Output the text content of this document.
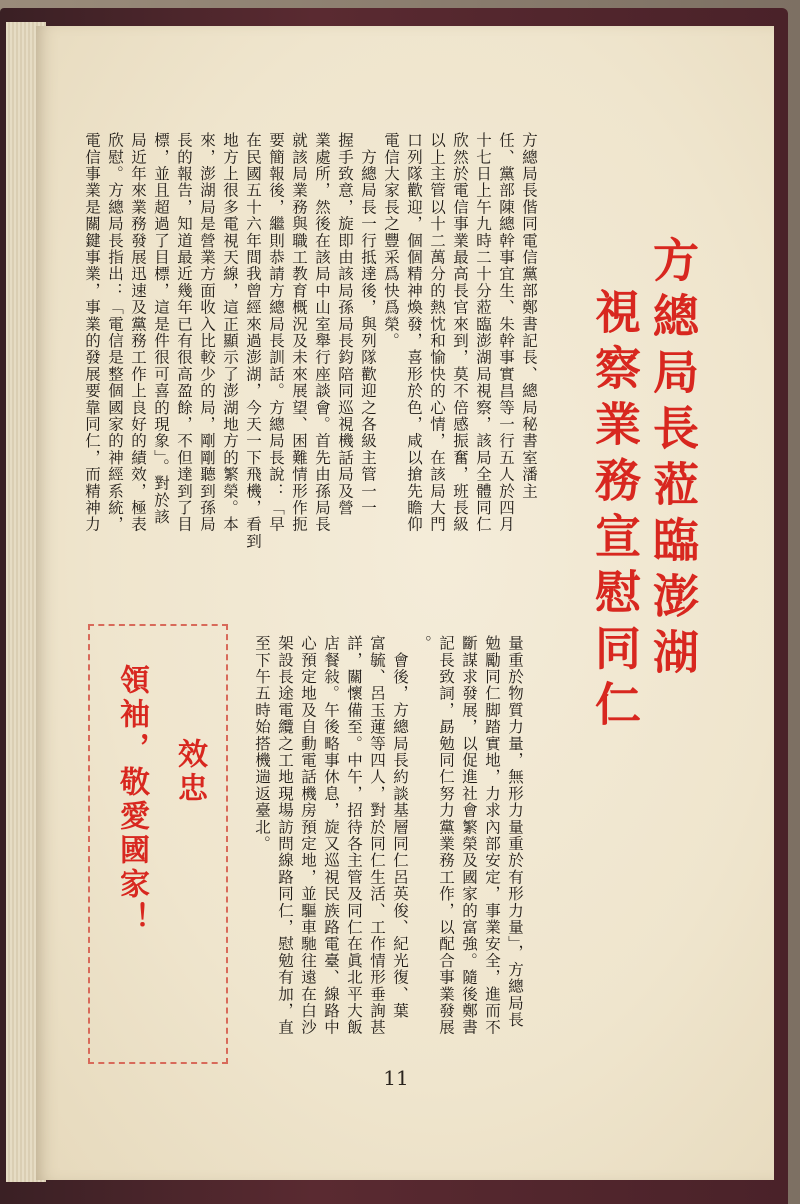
方總局長蒞臨澎湖

視察業務宣慰同仁

方總局長偕同電信黨部鄭書記長、總局秘書室潘主
任、黨部陳總幹事宜生、朱幹事實昌等一行五人於四月
十七日上午九時二十分蒞臨澎湖局視察，該局全體同仁
欣然於電信事業最高長官來到，莫不倍感振奮，班長級
以上主管以十二萬分的熱忱和愉快的心情，在該局大門
口列隊歡迎，個個精神煥發，喜形於色，咸以搶先瞻仰
電信大家長之豐采爲快爲榮。
　方總局長一行抵達後，與列隊歡迎之各級主管一一
握手致意，旋即由該局孫局長鈞陪同巡視機話局及營
業處所，然後在該局中山室舉行座談會。首先由孫局長
就該局業務與職工教育概況及未來展望、困難情形作扼
要簡報後，繼則恭請方總局長訓話。方總局長說：「早
在民國五十六年間我曾經來過澎湖，今天一下飛機，看到
地方上很多電視天線，這正顯示了澎湖地方的繁榮。本
來，澎湖局是營業方面收入比較少的局，剛剛聽到孫局
長的報告，知道最近幾年已有很高盈餘，不但達到了目
標，並且超過了目標，這是件很可喜的現象」。對於該
局近年來業務發展迅速及黨務工作上良好的績效，極表
欣慰。方總局長指出：「電信是整個國家的神經系統，
電信事業是關鍵事業，事業的發展要靠同仁，而精神力

量重於物質力量，無形力量重於有形力量」，方總局長
勉勵同仁脚踏實地，力求內部安定，事業安全，進而不
斷謀求發展，以促進社會繁榮及國家的富強。隨後鄭書
記長致詞，勗勉同仁努力黨業務工作，以配合事業發展
。
　會後，方總局長約談基層同仁呂英俊、紀光復、葉
富毓、呂玉蓮等四人，對於同仁生活、工作情形垂詢甚
詳，關懷備至。中午，招待各主管及同仁在眞北平大飯
店餐敍。午後略事休息，旋又巡視民族路電臺、線路中
心預定地及自動電話機房預定地，並驅車馳往遠在白沙
架設長途電纜之工地現場訪問線路同仁，慰勉有加，直
至下午五時始搭機遄返臺北。

效忠

領袖，敬愛國家！

11
